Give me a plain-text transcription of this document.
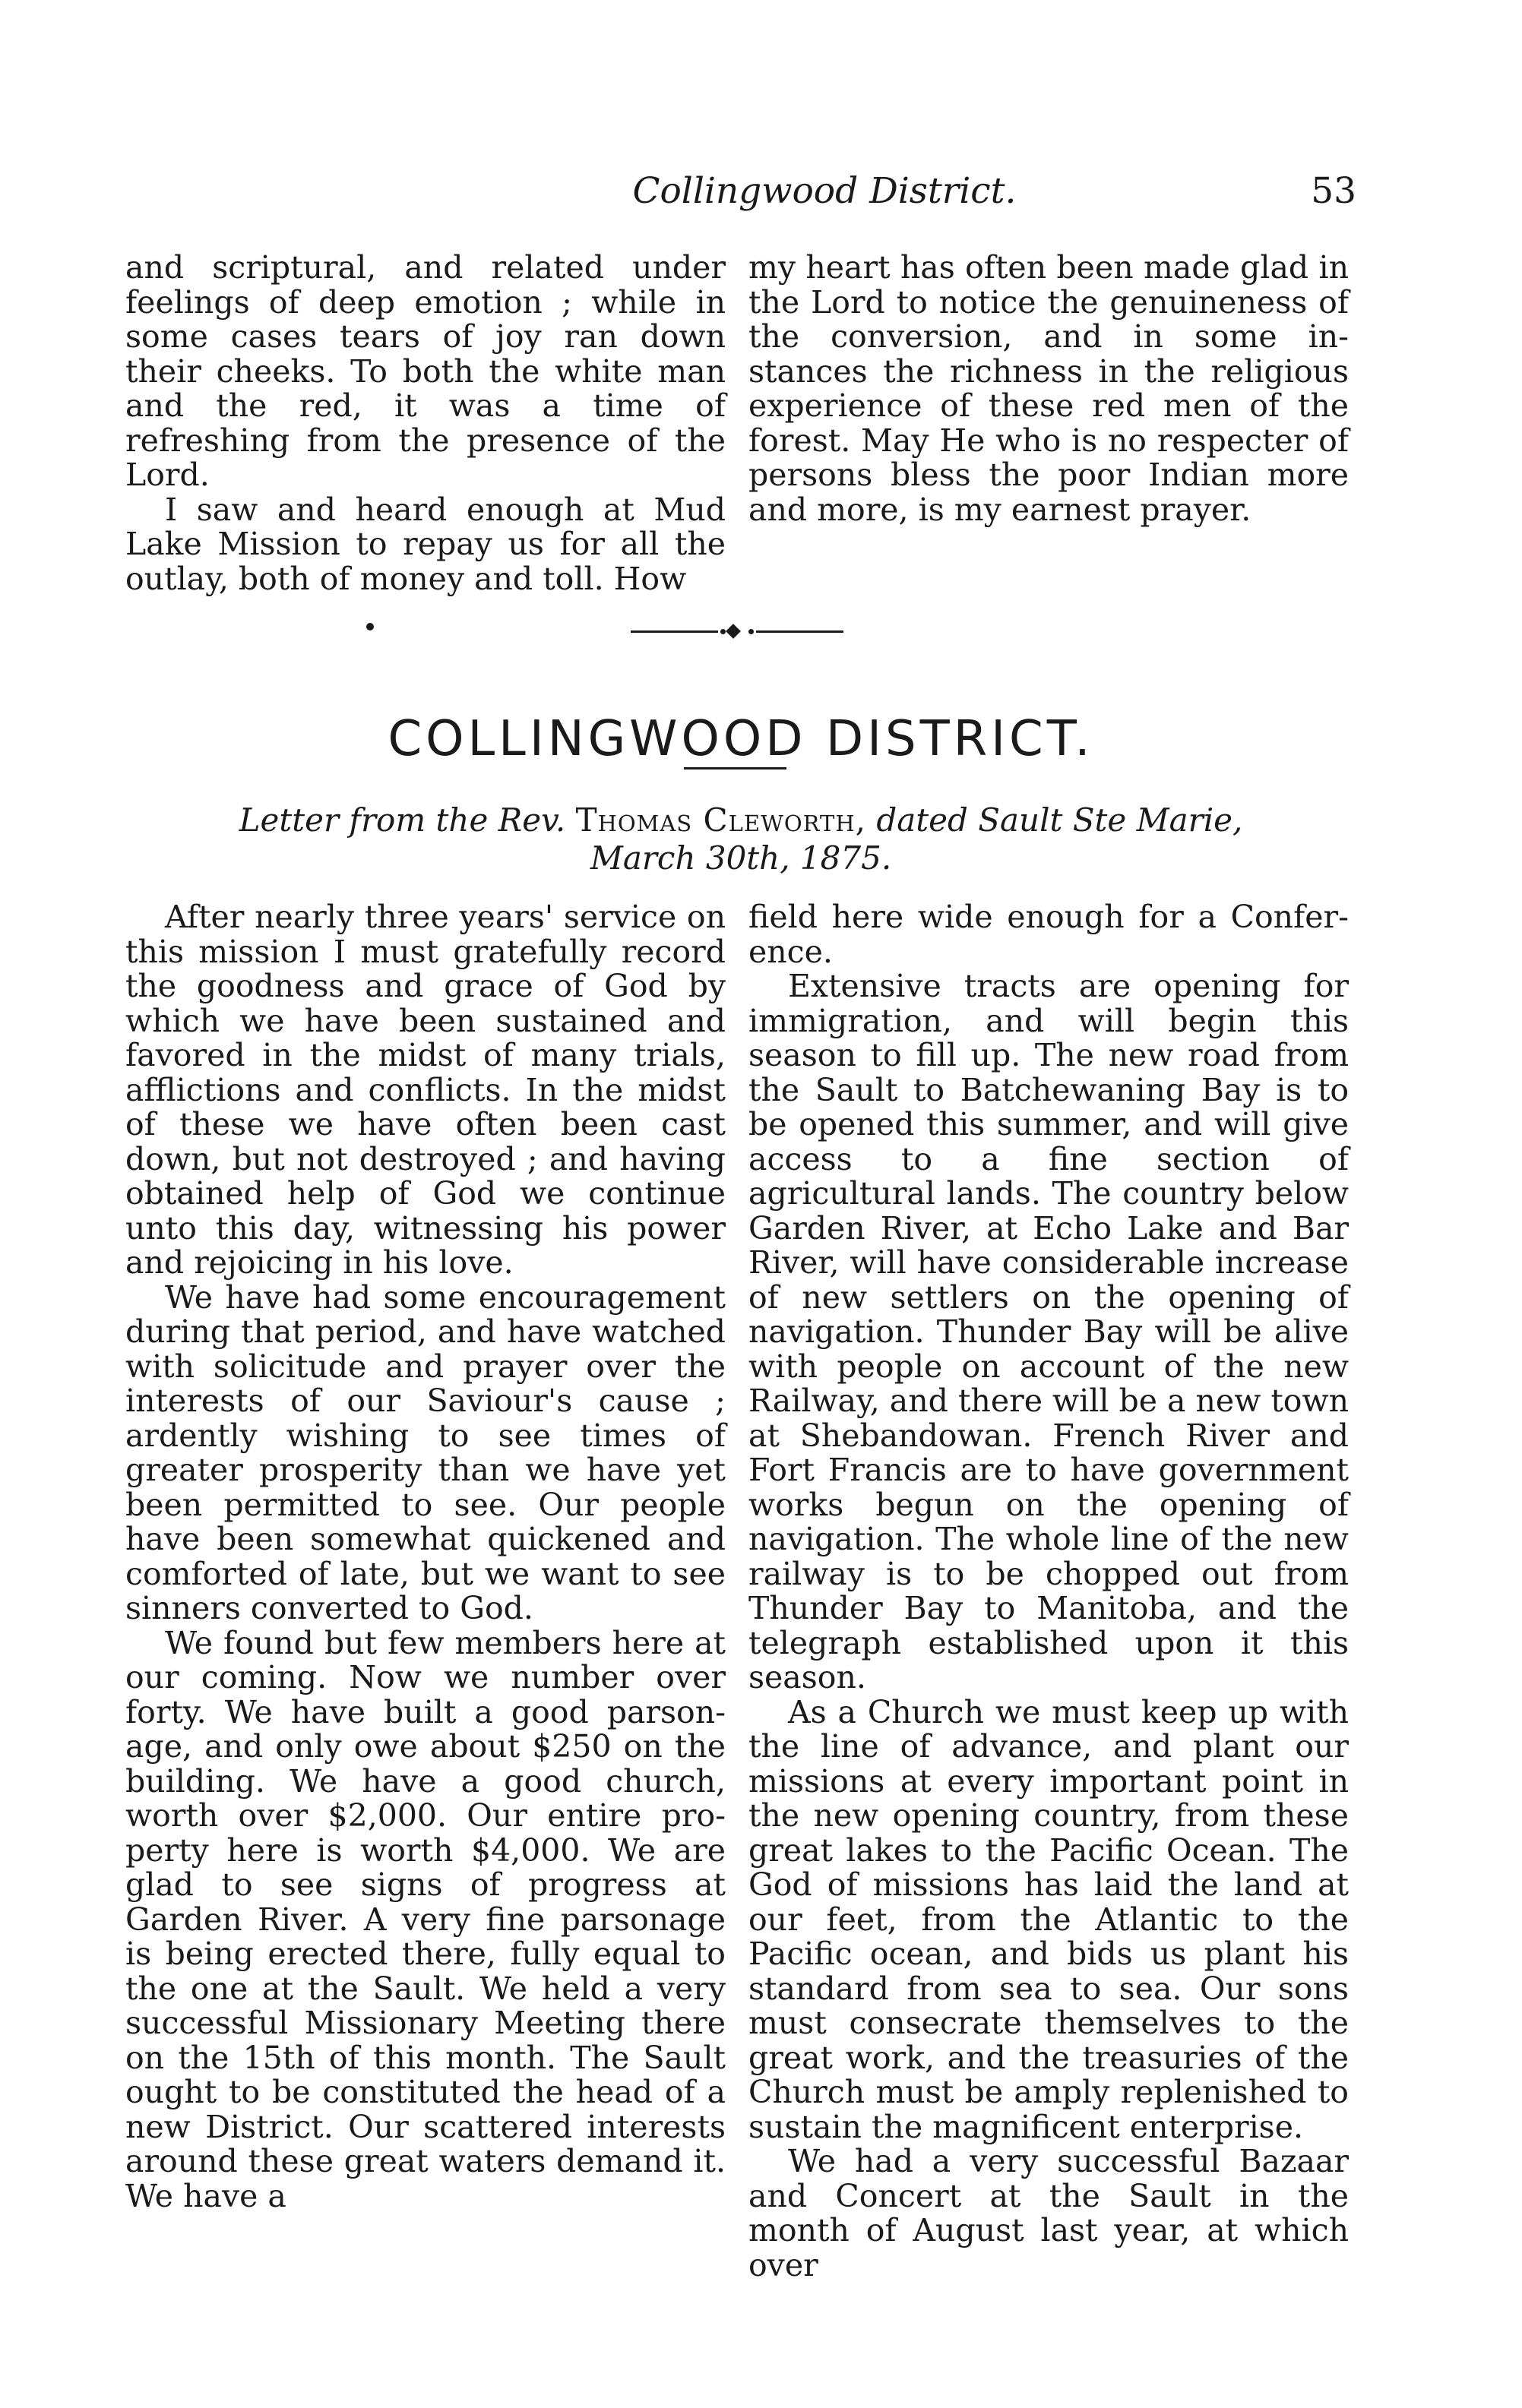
Collingwood District.	53

and scriptural, and related under feelings of deep emotion ; while in some cases tears of joy ran down their cheeks. To both the white man and the red, it was a time of refreshing from the presence of the Lord.

I saw and heard enough at Mud Lake Mission to repay us for all the outlay, both of money and toll. How

my heart has often been made glad in the Lord to notice the genuineness of the conversion, and in some instances the richness in the religious experience of these red men of the forest. May He who is no respecter of persons bless the poor Indian more and more, is my earnest prayer.

COLLINGWOOD DISTRICT.
Letter from the Rev. Thomas Cleworth, dated Sault Ste Marie,
March 30th, 1875.

After nearly three years' service on this mission I must gratefully record the goodness and grace of God by which we have been sustained and favored in the midst of many trials, afflictions and conflicts. In the midst of these we have often been cast down, but not destroyed ; and having obtained help of God we continue unto this day, witnessing his power and rejoicing in his love.

We have had some encouragement during that period, and have watched with solicitude and prayer over the interests of our Saviour's cause ; ardently wishing to see times of greater prosperity than we have yet been permitted to see. Our people have been somewhat quickened and comforted of late, but we want to see sinners converted to God.

We found but few members here at our coming. Now we number over forty. We have built a good parsonage, and only owe about $250 on the building. We have a good church, worth over $2,000. Our entire property here is worth $4,000. We are glad to see signs of progress at Garden River. A very fine parsonage is being erected there, fully equal to the one at the Sault. We held a very successful Missionary Meeting there on the 15th of this month. The Sault ought to be constituted the head of a new District. Our scattered interests around these great waters demand it. We have a

field here wide enough for a Conference.

Extensive tracts are opening for immigration, and will begin this season to fill up. The new road from the Sault to Batchewaning Bay is to be opened this summer, and will give access to a fine section of agricultural lands. The country below Garden River, at Echo Lake and Bar River, will have considerable increase of new settlers on the opening of navigation. Thunder Bay will be alive with people on account of the new Railway, and there will be a new town at Shebandowan. French River and Fort Francis are to have government works begun on the opening of navigation. The whole line of the new railway is to be chopped out from Thunder Bay to Manitoba, and the telegraph established upon it this season.

As a Church we must keep up with the line of advance, and plant our missions at every important point in the new opening country, from these great lakes to the Pacific Ocean. The God of missions has laid the land at our feet, from the Atlantic to the Pacific ocean, and bids us plant his standard from sea to sea. Our sons must consecrate themselves to the great work, and the treasuries of the Church must be amply replenished to sustain the magnificent enterprise.

We had a very successful Bazaar and Concert at the Sault in the month of August last year, at which over
